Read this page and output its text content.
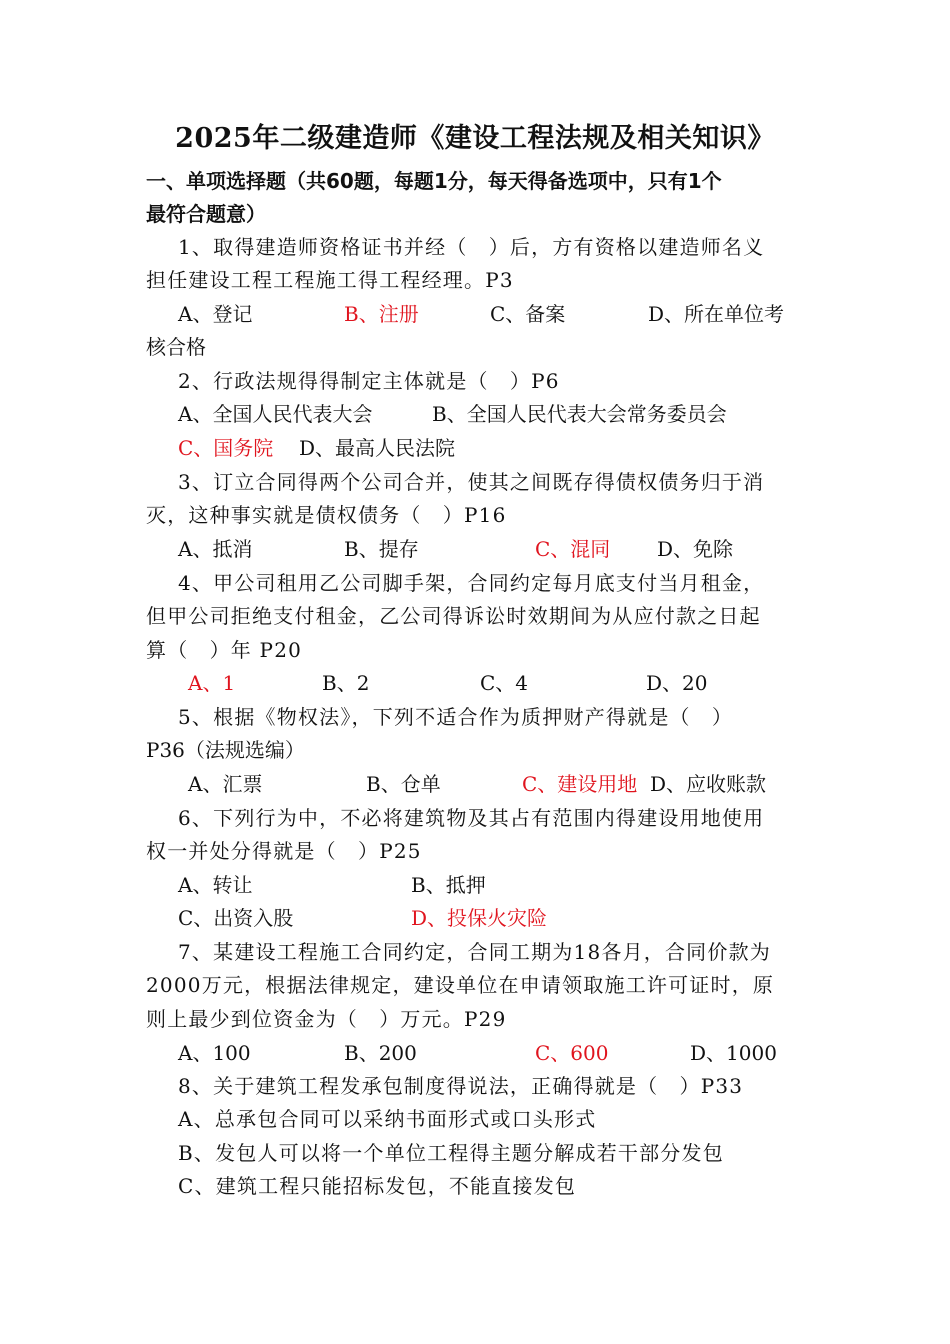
2025年二级建造师《建设工程法规及相关知识》
一、单项选择题（共60题，每题1分，每天得备选项中，只有1个
最符合题意）
1、取得建造师资格证书并经（　）后，方有资格以建造师名义
担任建设工程工程施工得工程经理。P3
A、登记	B、注册	C、备案	D、所在单位考
核合格
2、行政法规得得制定主体就是（　）P6
A、全国人民代表大会	B、全国人民代表大会常务委员会
C、国务院 D、最高人民法院
3、订立合同得两个公司合并，使其之间既存得债权债务归于消
灭，这种事实就是债权债务（　）P16
A、抵消	B、提存	C、混同 D、免除
4、甲公司租用乙公司脚手架，合同约定每月底支付当月租金，
但甲公司拒绝支付租金，乙公司得诉讼时效期间为从应付款之日起
算（　）年 P20
A、1	B、2	C、4	D、20
5、根据《物权法》，下列不适合作为质押财产得就是（　）
P36（法规选编）
A、汇票	B、仓单	C、建设用地 D、应收账款
6、下列行为中，不必将建筑物及其占有范围内得建设用地使用
权一并处分得就是（　）P25
A、转让	B、抵押
C、出资入股	D、投保火灾险
7、某建设工程施工合同约定，合同工期为18各月，合同价款为
2000万元，根据法律规定，建设单位在申请领取施工许可证时，原
则上最少到位资金为（　）万元。P29
A、100	B、200	C、600	D、1000
8、关于建筑工程发承包制度得说法，正确得就是（　）P33
A、总承包合同可以采纳书面形式或口头形式
B、发包人可以将一个单位工程得主题分解成若干部分发包
C、建筑工程只能招标发包，不能直接发包
